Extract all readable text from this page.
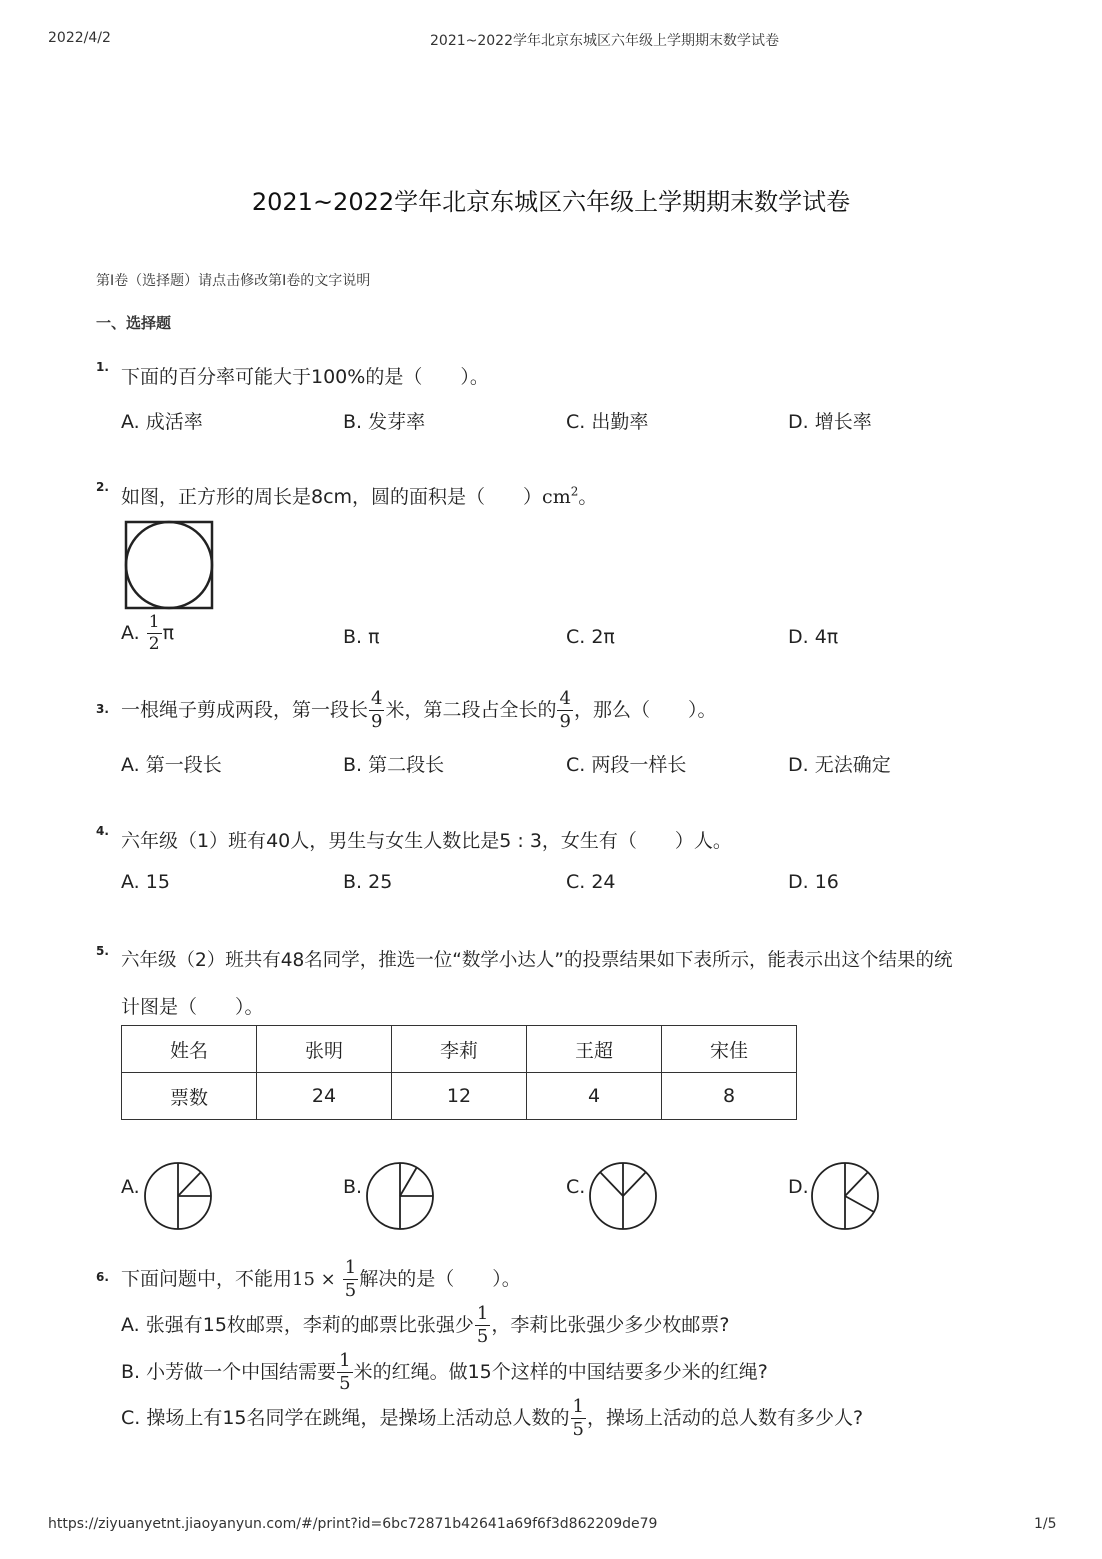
2022/4/2	2021~2022学年北京东城区六年级上学期期末数学试卷
2021~2022学年北京东城区六年级上学期期末数学试卷
第Ⅰ卷（选择题）请点击修改第Ⅰ卷的文字说明
一、选择题
1. 下面的百分率可能大于100%的是（　　）。
A. 成活率	B. 发芽率	C. 出勤率	D. 增长率
2. 如图，正方形的周长是8cm，圆的面积是（　　）$cm^2$。
A. $\frac{1}{2}$ π	B. π	C. 2π	D. 4π
3. 一根绳子剪成两段，第一段长 $\frac{4}{9}$ 米，第二段占全长的 $\frac{4}{9}$ ，那么（　　）。
A. 第一段长	B. 第二段长	C. 两段一样长	D. 无法确定
4. 六年级（1）班有40人，男生与女生人数比是5 : 3，女生有（　　）人。
A. 15	B. 25	C. 24	D. 16
5. 六年级（2）班共有48名同学，推选一位“数学小达人”的投票结果如下表所示，能表示出这个结果的统
计图是（　　）。
姓名	张明	李莉	王超	宋佳
票数	24	12	4	8
A.	B.	C.	D.
6. 下面问题中，不能用$15 \times \frac{1}{5}$ 解决的是（　　）。
A. 张强有15枚邮票，李莉的邮票比张强少 $\frac{1}{5}$ ，李莉比张强少多少枚邮票?
B. 小芳做一个中国结需要 $\frac{1}{5}$ 米的红绳。做15个这样的中国结要多少米的红绳?
C. 操场上有15名同学在跳绳，是操场上活动总人数的 $\frac{1}{5}$ ，操场上活动的总人数有多少人?
https://ziyuanyetnt.jiaoyanyun.com/#/print?id=6bc72871b42641a69f6f3d862209de79	1/5
